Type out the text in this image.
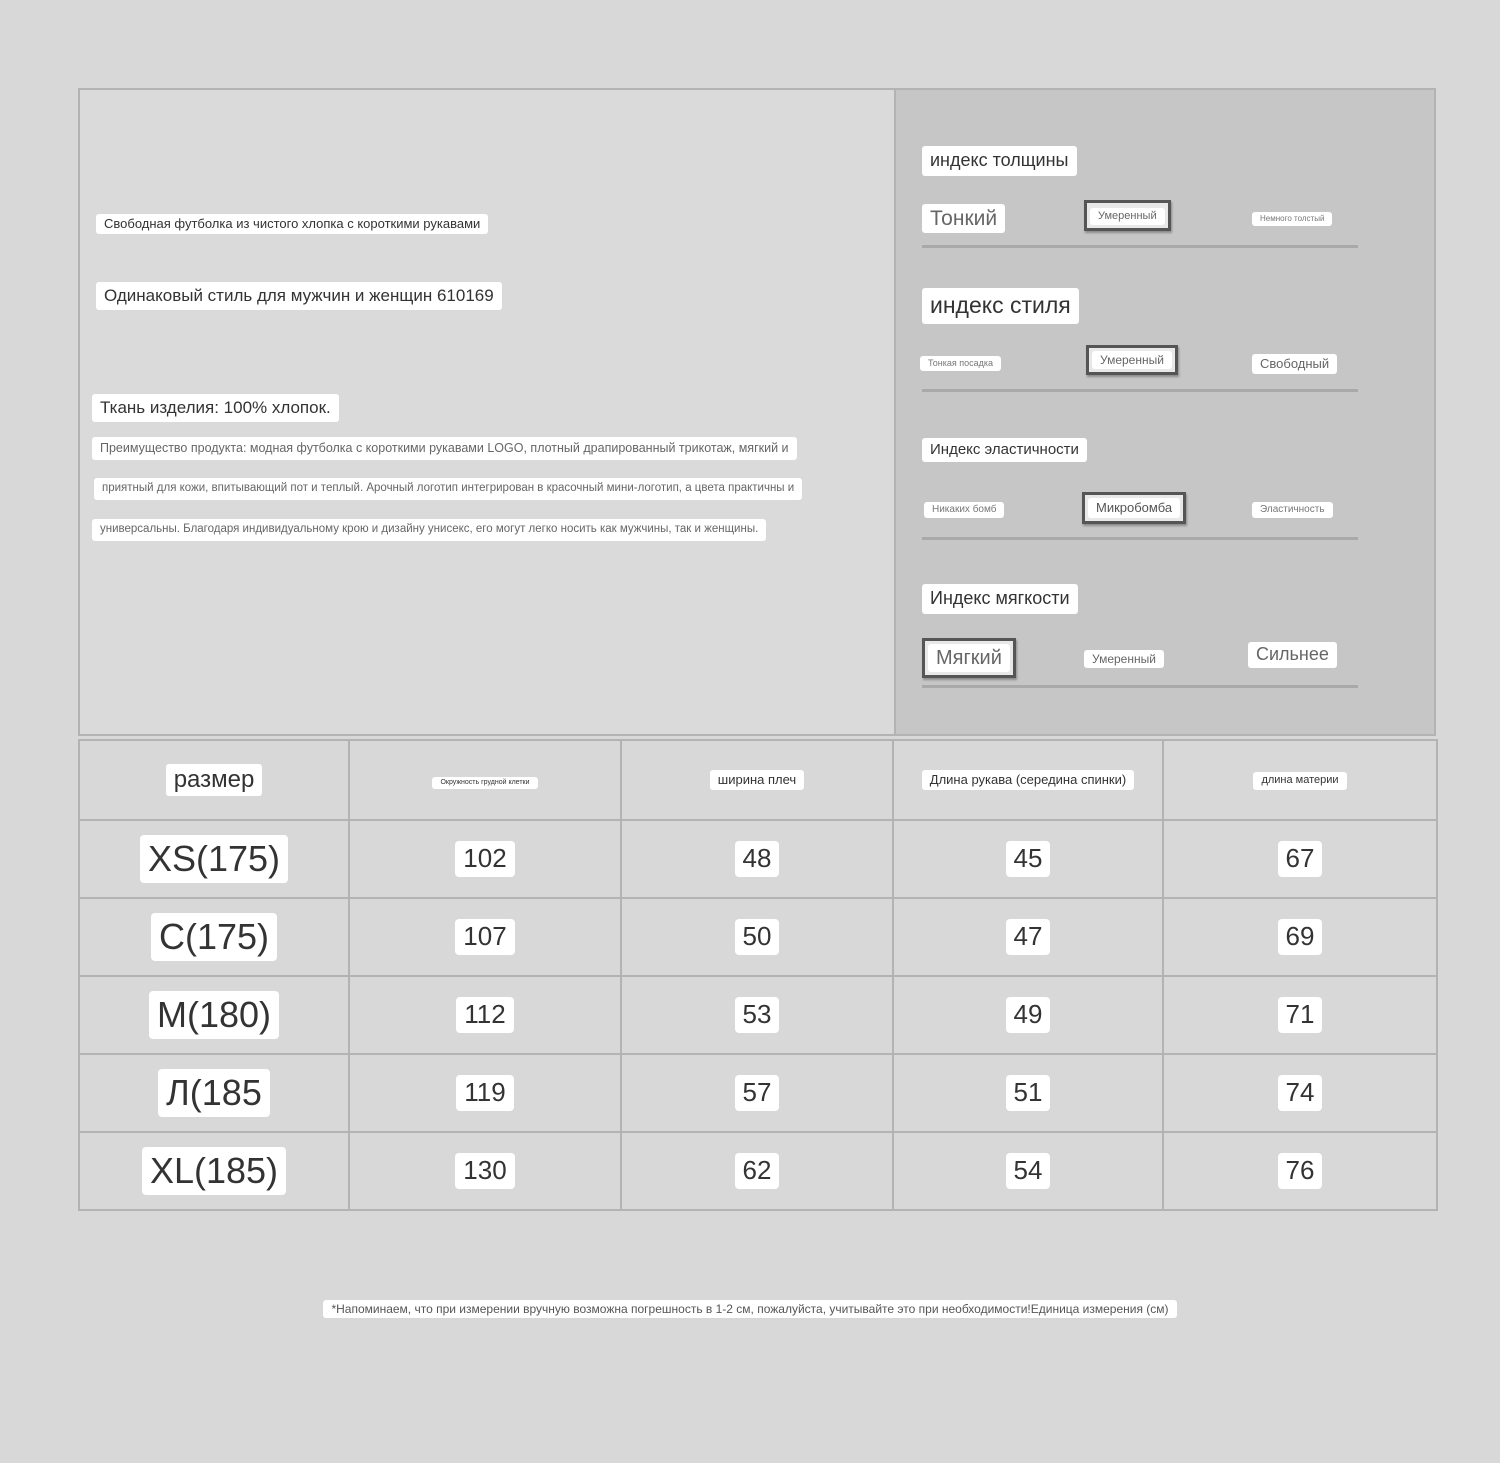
Свободная футболка из чистого хлопка с короткими рукавами
Одинаковый стиль для мужчин и женщин 610169
Ткань изделия: 100% хлопок.
Преимущество продукта: модная футболка с короткими рукавами LOGO, плотный драпированный трикотаж, мягкий и
приятный для кожи, впитывающий пот и теплый. Арочный логотип интегрирован в красочный мини-логотип, а цвета практичны и
универсальны. Благодаря индивидуальному крою и дизайну унисекс, его могут легко носить как мужчины, так и женщины.
индекс толщины
Тонкий	Умеренный	Немного толстый
индекс стиля
Тонкая посадка	Умеренный	Свободный
Индекс эластичности
Никаких бомб	Микробомба	Эластичность
Индекс мягкости
Мягкий	Умеренный	Сильнее
размер	Окружность грудной клетки	ширина плеч	Длина рукава (середина спинки)	длина материи
XS(175)	102	48	45	67
С(175)	107	50	47	69
М(180)	112	53	49	71
Л(185	119	57	51	74
XL(185)	130	62	54	76
*Напоминаем, что при измерении вручную возможна погрешность в 1-2 см, пожалуйста, учитывайте это при необходимости!Единица измерения (см)
